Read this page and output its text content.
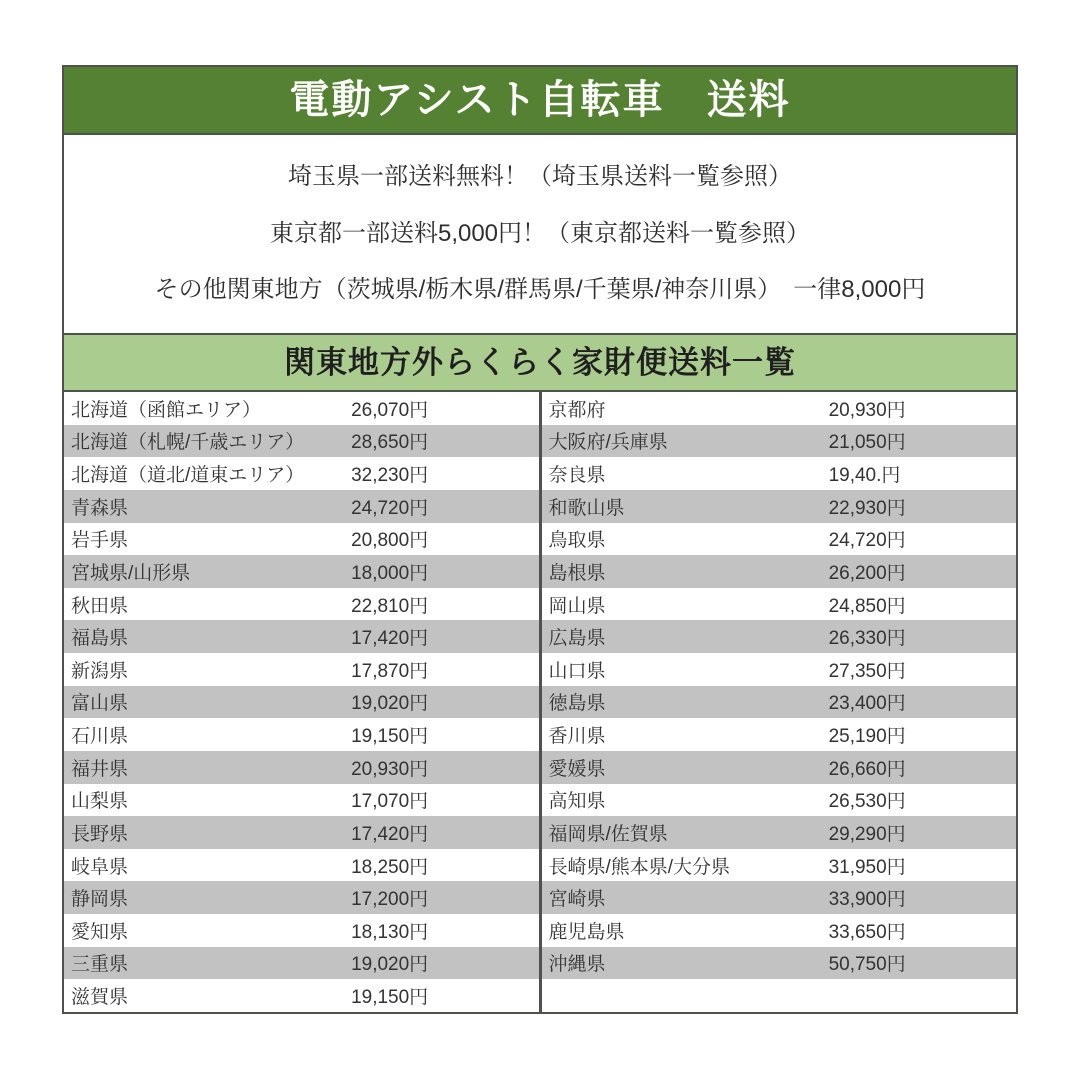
電動アシスト自転車　送料

埼玉県一部送料無料！（埼玉県送料一覧参照）

東京都一部送料5,000円！（東京都送料一覧参照）

その他関東地方（茨城県/栃木県/群馬県/千葉県/神奈川県）　一律8,000円

関東地方外らくらく家財便送料一覧
北海道（函館エリア）	26,070円
北海道（札幌/千歳エリア）	28,650円
北海道（道北/道東エリア）	32,230円
青森県	24,720円
岩手県	20,800円
宮城県/山形県	18,000円
秋田県	22,810円
福島県	17,420円
新潟県	17,870円
富山県	19,020円
石川県	19,150円
福井県	20,930円
山梨県	17,070円
長野県	17,420円
岐阜県	18,250円
静岡県	17,200円
愛知県	18,130円
三重県	19,020円
滋賀県	19,150円
京都府	20,930円
大阪府/兵庫県	21,050円
奈良県	19,40.円
和歌山県	22,930円
鳥取県	24,720円
島根県	26,200円
岡山県	24,850円
広島県	26,330円
山口県	27,350円
徳島県	23,400円
香川県	25,190円
愛媛県	26,660円
高知県	26,530円
福岡県/佐賀県	29,290円
長崎県/熊本県/大分県	31,950円
宮崎県	33,900円
鹿児島県	33,650円
沖縄県	50,750円
